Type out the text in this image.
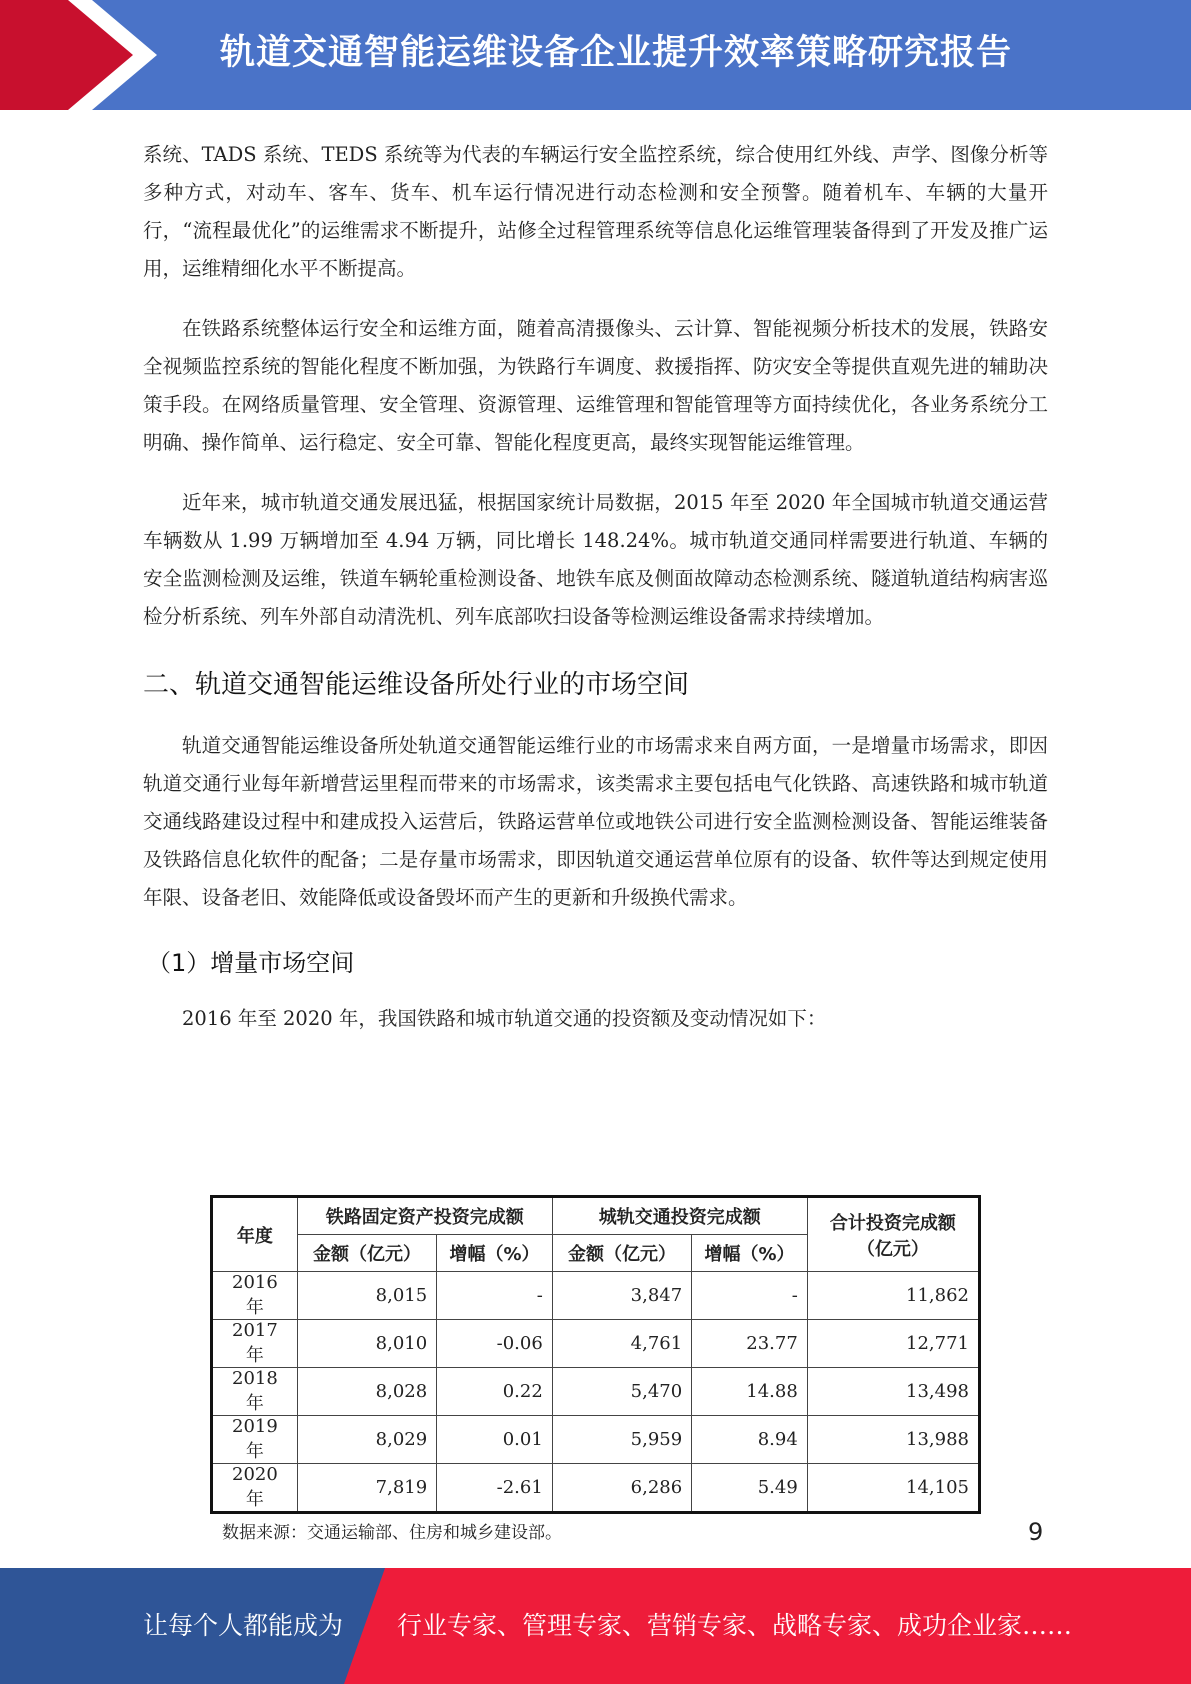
轨道交通智能运维设备企业提升效率策略研究报告

系统、TADS 系统、TEDS 系统等为代表的车辆运行安全监控系统，综合使用红外线、声学、图像分析等多种方式，对动车、客车、货车、机车运行情况进行动态检测和安全预警。随着机车、车辆的大量开行，“流程最优化”的运维需求不断提升，站修全过程管理系统等信息化运维管理装备得到了开发及推广运用，运维精细化水平不断提高。

在铁路系统整体运行安全和运维方面，随着高清摄像头、云计算、智能视频分析技术的发展，铁路安全视频监控系统的智能化程度不断加强，为铁路行车调度、救援指挥、防灾安全等提供直观先进的辅助决策手段。在网络质量管理、安全管理、资源管理、运维管理和智能管理等方面持续优化，各业务系统分工明确、操作简单、运行稳定、安全可靠、智能化程度更高，最终实现智能运维管理。

近年来，城市轨道交通发展迅猛，根据国家统计局数据，2015 年至 2020 年全国城市轨道交通运营车辆数从 1.99 万辆增加至 4.94 万辆，同比增长 148.24%。城市轨道交通同样需要进行轨道、车辆的安全监测检测及运维，铁道车辆轮重检测设备、地铁车底及侧面故障动态检测系统、隧道轨道结构病害巡检分析系统、列车外部自动清洗机、列车底部吹扫设备等检测运维设备需求持续增加。

二、轨道交通智能运维设备所处行业的市场空间

轨道交通智能运维设备所处轨道交通智能运维行业的市场需求来自两方面，一是增量市场需求，即因轨道交通行业每年新增营运里程而带来的市场需求，该类需求主要包括电气化铁路、高速铁路和城市轨道交通线路建设过程中和建成投入运营后，铁路运营单位或地铁公司进行安全监测检测设备、智能运维装备及铁路信息化软件的配备；二是存量市场需求，即因轨道交通运营单位原有的设备、软件等达到规定使用年限、设备老旧、效能降低或设备毁坏而产生的更新和升级换代需求。

（1）增量市场空间

2016 年至 2020 年，我国铁路和城市轨道交通的投资额及变动情况如下：

年度	铁路固定资产投资完成额		城轨交通投资完成额		合计投资完成额（亿元）
	金额（亿元）	增幅（%）	金额（亿元）	增幅（%）	
2016 年	8,015	-	3,847	-	11,862
2017 年	8,010	-0.06	4,761	23.77	12,771
2018 年	8,028	0.22	5,470	14.88	13,498
2019 年	8,029	0.01	5,959	8.94	13,988
2020 年	7,819	-2.61	6,286	5.49	14,105
数据来源：交通运输部、住房和城乡建设部。	9
让每个人都能成为 行业专家、管理专家、营销专家、战略专家、成功企业家……
